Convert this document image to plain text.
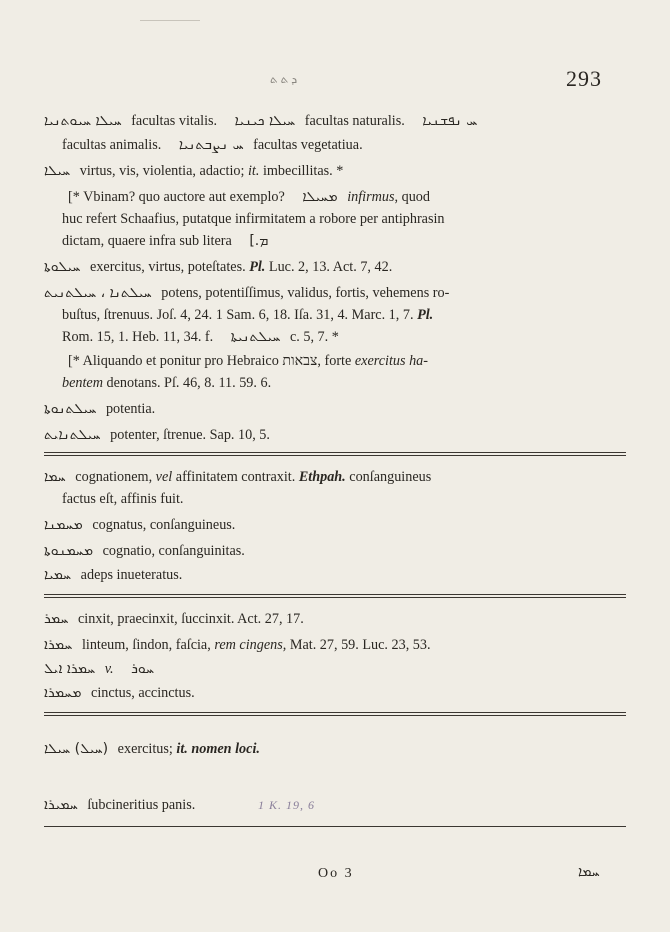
ܕ ܬ ܬ	293
ܚܝܠܐ ܚܝܘܬܢܝܐ facultas vitalis. ܚܝܠܐ ܟܝܢܝܐ facultas naturalis. ܚ ܢܦܫܢܝܐ
facultas animalis. ܚ ܢܨܒܬܢܝܐ facultas vegetatiua.
ܚܝܠܐ virtus, vis, violentia, adactio; it. imbecillitas. *
[* Vbinam? quo auctore aut exemplo? ܡܚܝܠܐ infirmus, quod
huc refert Schaafius, putatque infirmitatem a robore per antiphrasin
dictam, quaere infra sub litera ܡ.]
ܚܝܠܘܬܐ exercitus, virtus, poteſtates. Pl. Luc. 2, 13. Act. 7, 42.
ܚܝܠܬܢܐ ، ܚܝܠܬܢܝܬ potens, potentiſſimus, validus, fortis, vehemens ro-
buſtus, ſtrenuus. Joſ. 4, 24. 1 Sam. 6, 18. Iſa. 31, 4. Marc. 1, 7. Pl.
Rom. 15, 1. Heb. 11, 34. f. ܚܝܠܬܢܝܬܐ c. 5, 7. *
[* Aliquando et ponitur pro Hebraico צבאות, forte exercitus ha-
bentem denotans. Pſ. 46, 8. 11. 59. 6.
ܚܝܠܬܢܘܬܐ potentia.
ܚܝܠܬܢܐܝܬ potenter, ſtrenue. Sap. 10, 5.
ܚܡܐ cognationem, vel affinitatem contraxit. Ethpah. conſanguineus
factus eſt, affinis fuit.
ܡܚܡܢܐ cognatus, conſanguineus.
ܡܚܡܢܘܬܐ cognatio, conſanguinitas.
ܚܡܝܐ adeps inueteratus.
ܚܡܪ cinxit, praecinxit, ſuccinxit. Act. 27, 17.
ܚܡܪܐ linteum, ſindon, faſcia, rem cingens, Mat. 27, 59. Luc. 23, 53.
ܚܡܪܐ ܐܝܠ v. ܚܘܪ
ܡܚܡܪܐ cinctus, accinctus.
(ܚܝܠ) ܚܝܠܐ exercitus; it. nomen loci.
ܚܡܝܪܐ ſubcineritius panis.	1 K. 19, 6
Oo 3	ܚܡܐ
